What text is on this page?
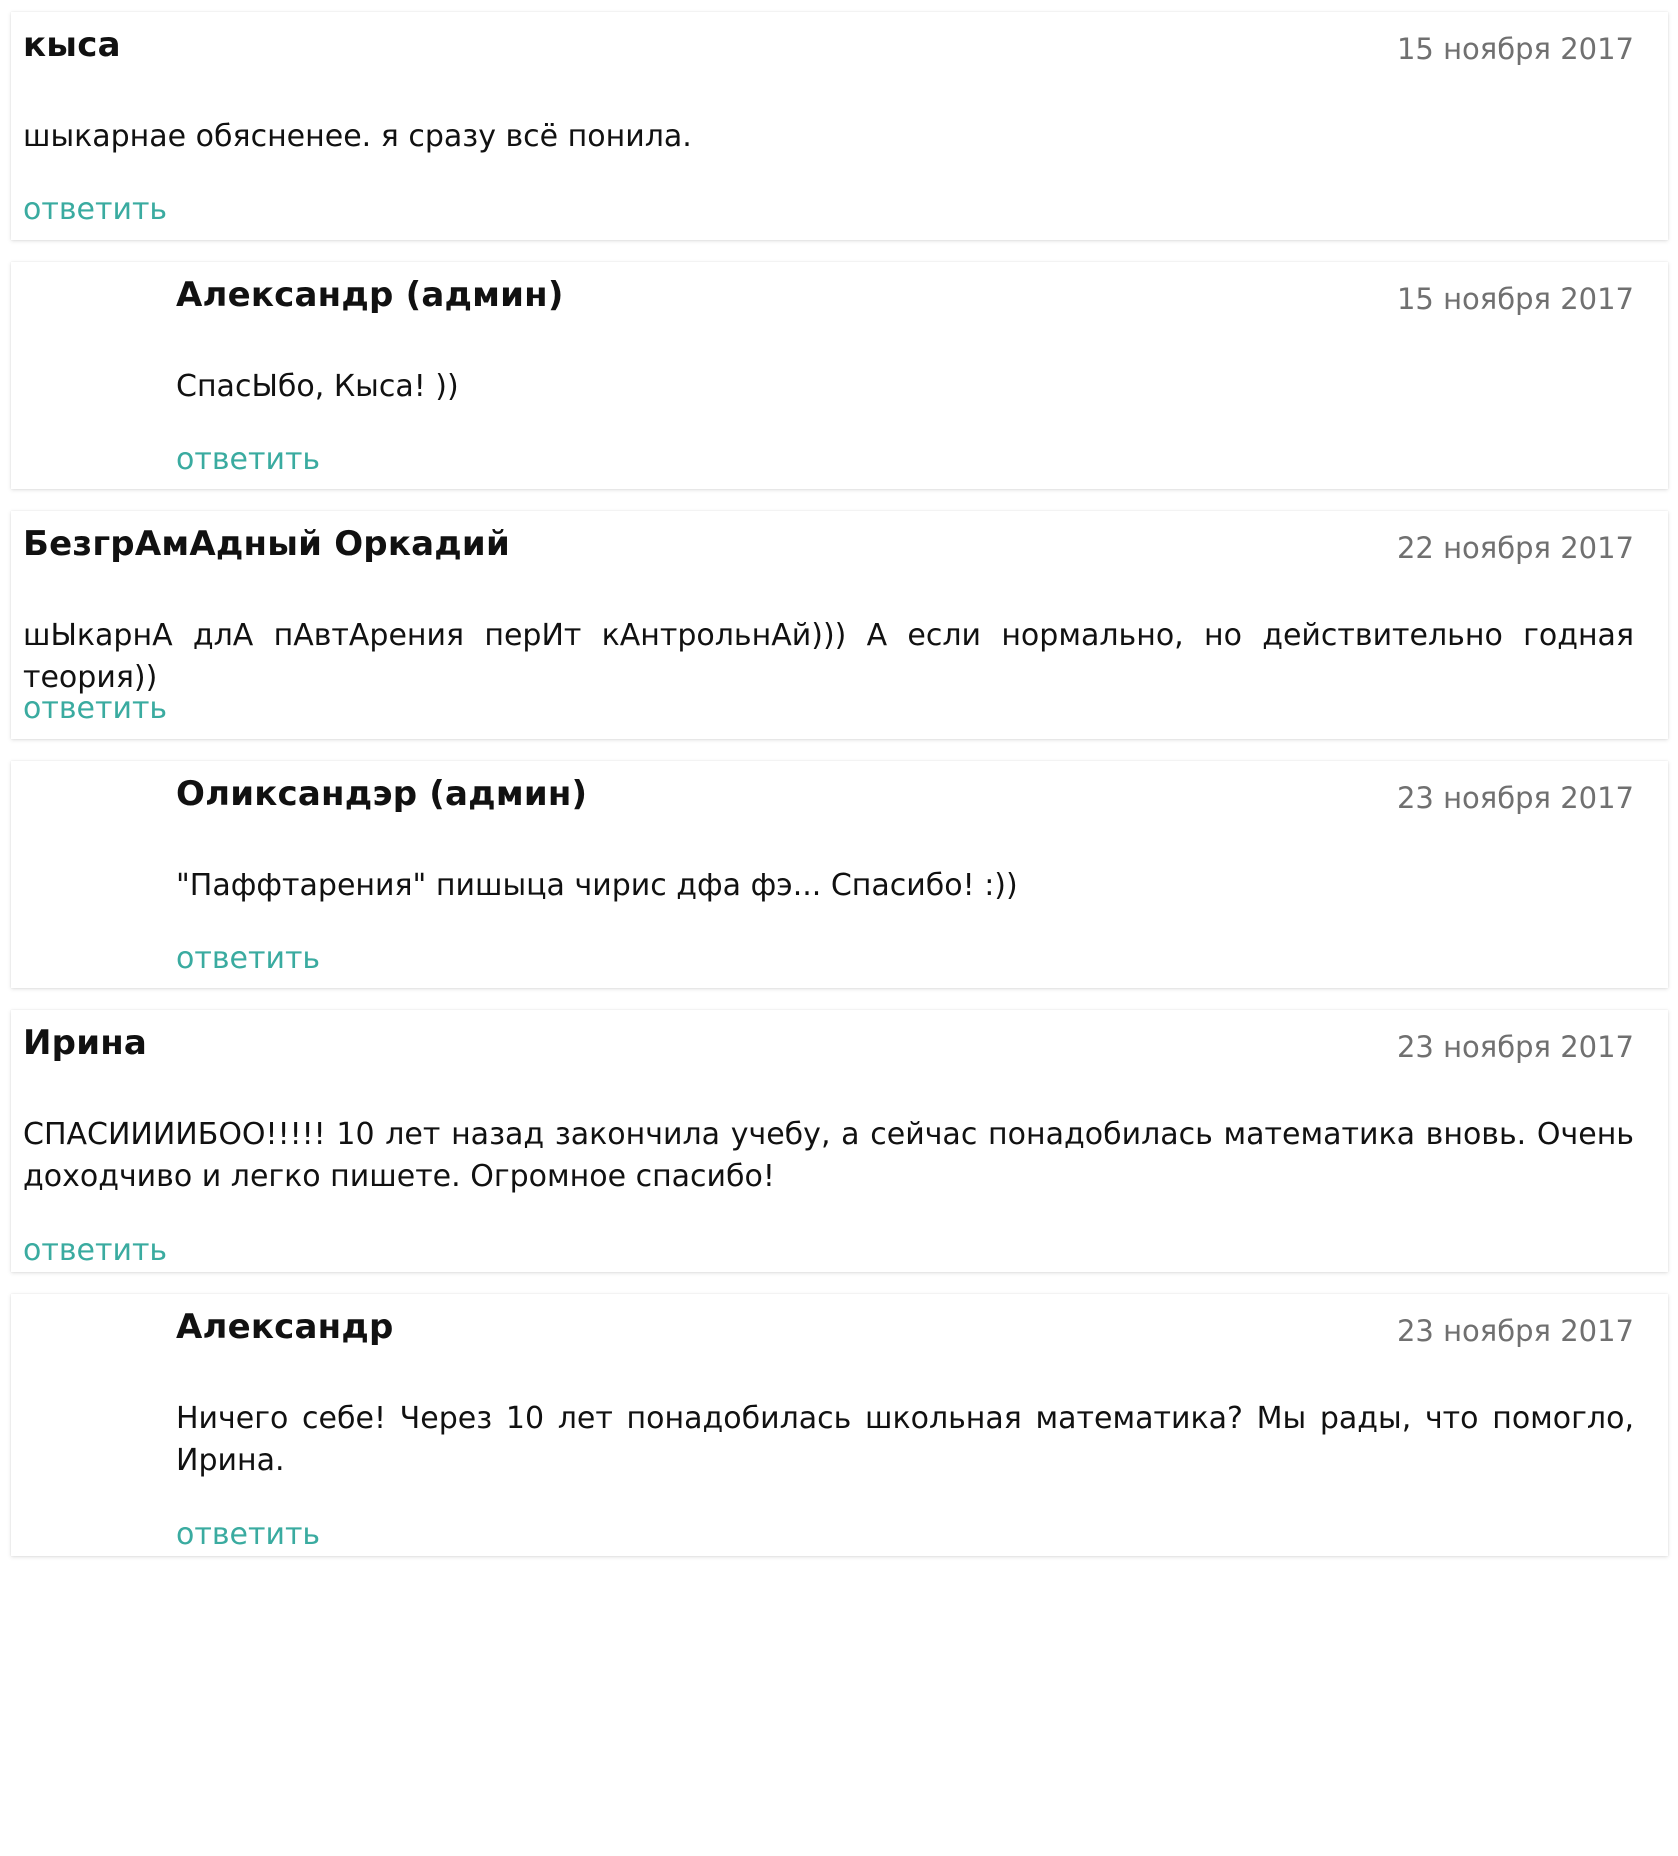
кыса	15 ноября 2017
шыкарнае обясненее. я сразу всё понила.
ответить
Александр (админ)	15 ноября 2017
СпасЫбо, Кыса! ))
ответить
БезгрАмАдный Оркадий	22 ноября 2017
шЫкарнА длА пАвтАрения перИт кАнтрольнАй))) А если нормально, но действительно годная теория))
ответить
Оликсандэр (админ)	23 ноября 2017
"Паффтарения" пишыца чирис дфа фэ... Спасибо! :))
ответить
Ирина	23 ноября 2017
СПАСИИИИБОО!!!!! 10 лет назад закончила учебу, а сейчас понадобилась математика вновь. Очень доходчиво и легко пишете. Огромное спасибо!
ответить
Александр	23 ноября 2017
Ничего себе! Через 10 лет понадобилась школьная математика? Мы рады, что помогло, Ирина.
ответить
